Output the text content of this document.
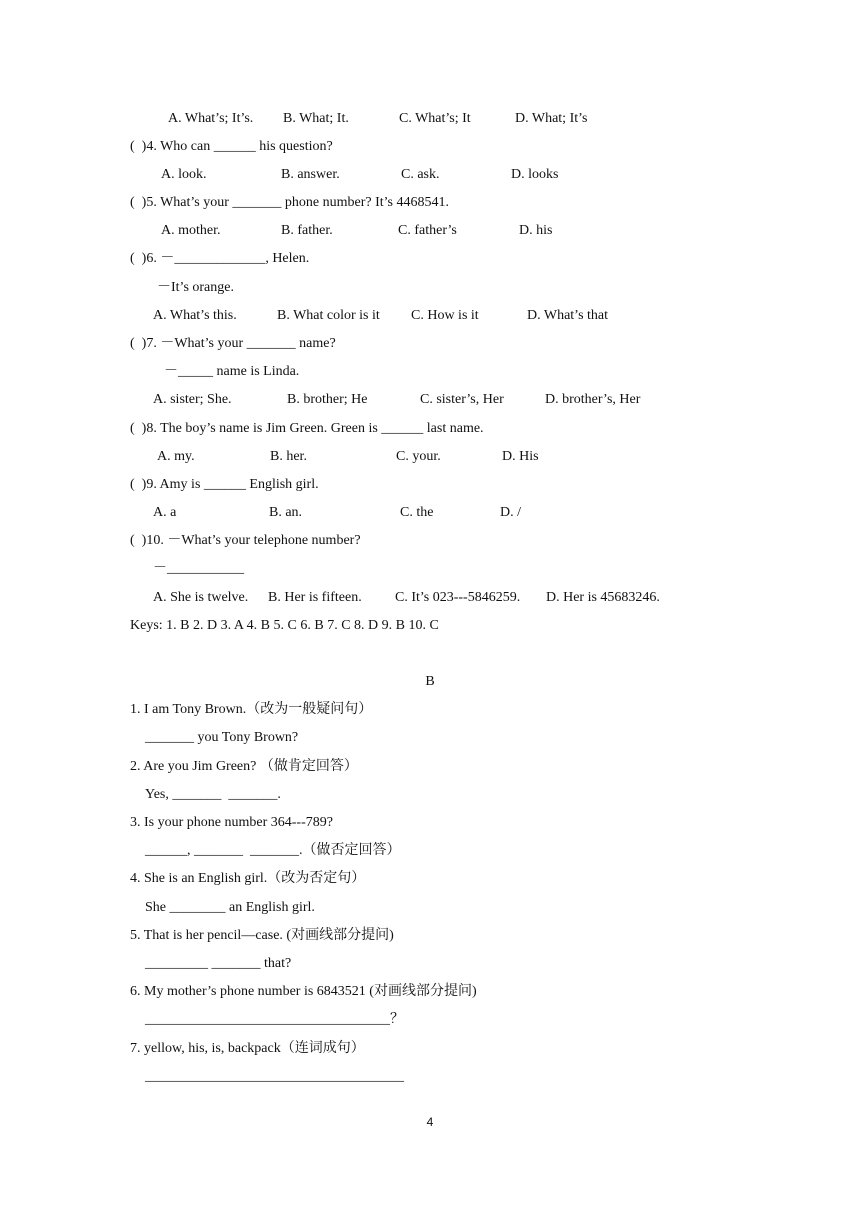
A. What’s; It’s. B. What; It.	C. What’s; It	D. What; It’s
(  )4. Who can ______ his question?
A. look.	B. answer.	C. ask.	D. looks
(  )5. What’s your _______ phone number? It’s 4468541.
A. mother.	B. father.	C. father’s	D. his
(  )6. －_____________, Helen.
－It’s orange.
A. What’s this.	B. What color is it C. How is it	D. What’s that
(  )7. －What’s your _______ name?
－_____ name is Linda.
A. sister; She.	B. brother; He	C. sister’s, Her	D. brother’s, Her
(  )8. The boy’s name is Jim Green. Green is ______ last name.
A. my.	B. her.	C. your.	D. His
(  )9. Amy is ______ English girl.
A. a	B. an.	C. the	D. /
(  )10. －What’s your telephone number?
－___________
A. She is twelve. B. Her is fifteen. C. It’s 023---5846259. D. Her is 45683246.
Keys: 1. B 2. D 3. A 4. B 5. C 6. B 7. C 8. D 9. B 10. C
B
1. I am Tony Brown.（改为一般疑问句）
_______ you Tony Brown?
2. Are you Jim Green? （做肯定回答）
Yes, _______  _______.
3. Is your phone number 364---789?
______, _______  _______.（做否定回答）
4. She is an English girl.（改为否定句）
She ________ an English girl.
5. That is her pencil—case. (对画线部分提问)
_________ _______ that?
6. My mother’s phone number is 6843521 (对画线部分提问)
___________________________________？
7. yellow, his, is, backpack（连词成句）
_____________________________________
4
